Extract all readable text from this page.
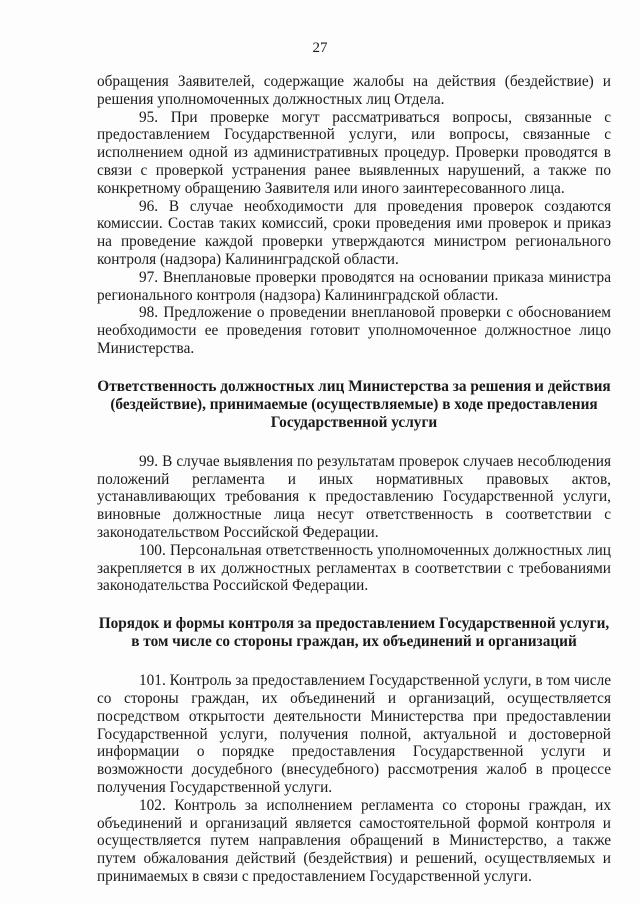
27

обращения Заявителей, содержащие жалобы на действия (бездействие) и решения уполномоченных должностных лиц Отдела.

95. При проверке могут рассматриваться вопросы, связанные с предоставлением Государственной услуги, или вопросы, связанные с исполнением одной из административных процедур. Проверки проводятся в связи с проверкой устранения ранее выявленных нарушений, а также по конкретному обращению Заявителя или иного заинтересованного лица.

96. В случае необходимости для проведения проверок создаются комиссии. Состав таких комиссий, сроки проведения ими проверок и приказ на проведение каждой проверки утверждаются министром регионального контроля (надзора) Калининградской области.

97. Внеплановые проверки проводятся на основании приказа министра регионального контроля (надзора) Калининградской области.

98. Предложение о проведении внеплановой проверки с обоснованием необходимости ее проведения готовит уполномоченное должностное лицо Министерства.

Ответственность должностных лиц Министерства за решения и действия (бездействие), принимаемые (осуществляемые) в ходе предоставления Государственной услуги

99. В случае выявления по результатам проверок случаев несоблюдения положений регламента и иных нормативных правовых актов, устанавливающих требования к предоставлению Государственной услуги, виновные должностные лица несут ответственность в соответствии с законодательством Российской Федерации.

100. Персональная ответственность уполномоченных должностных лиц закрепляется в их должностных регламентах в соответствии с требованиями законодательства Российской Федерации.

Порядок и формы контроля за предоставлением Государственной услуги, в том числе со стороны граждан, их объединений и организаций

101. Контроль за предоставлением Государственной услуги, в том числе со стороны граждан, их объединений и организаций, осуществляется посредством открытости деятельности Министерства при предоставлении Государственной услуги, получения полной, актуальной и достоверной информации о порядке предоставления Государственной услуги и возможности досудебного (внесудебного) рассмотрения жалоб в процессе получения Государственной услуги.

102. Контроль за исполнением регламента со стороны граждан, их объединений и организаций является самостоятельной формой контроля и осуществляется путем направления обращений в Министерство, а также путем обжалования действий (бездействия) и решений, осуществляемых и принимаемых в связи с предоставлением Государственной услуги.
